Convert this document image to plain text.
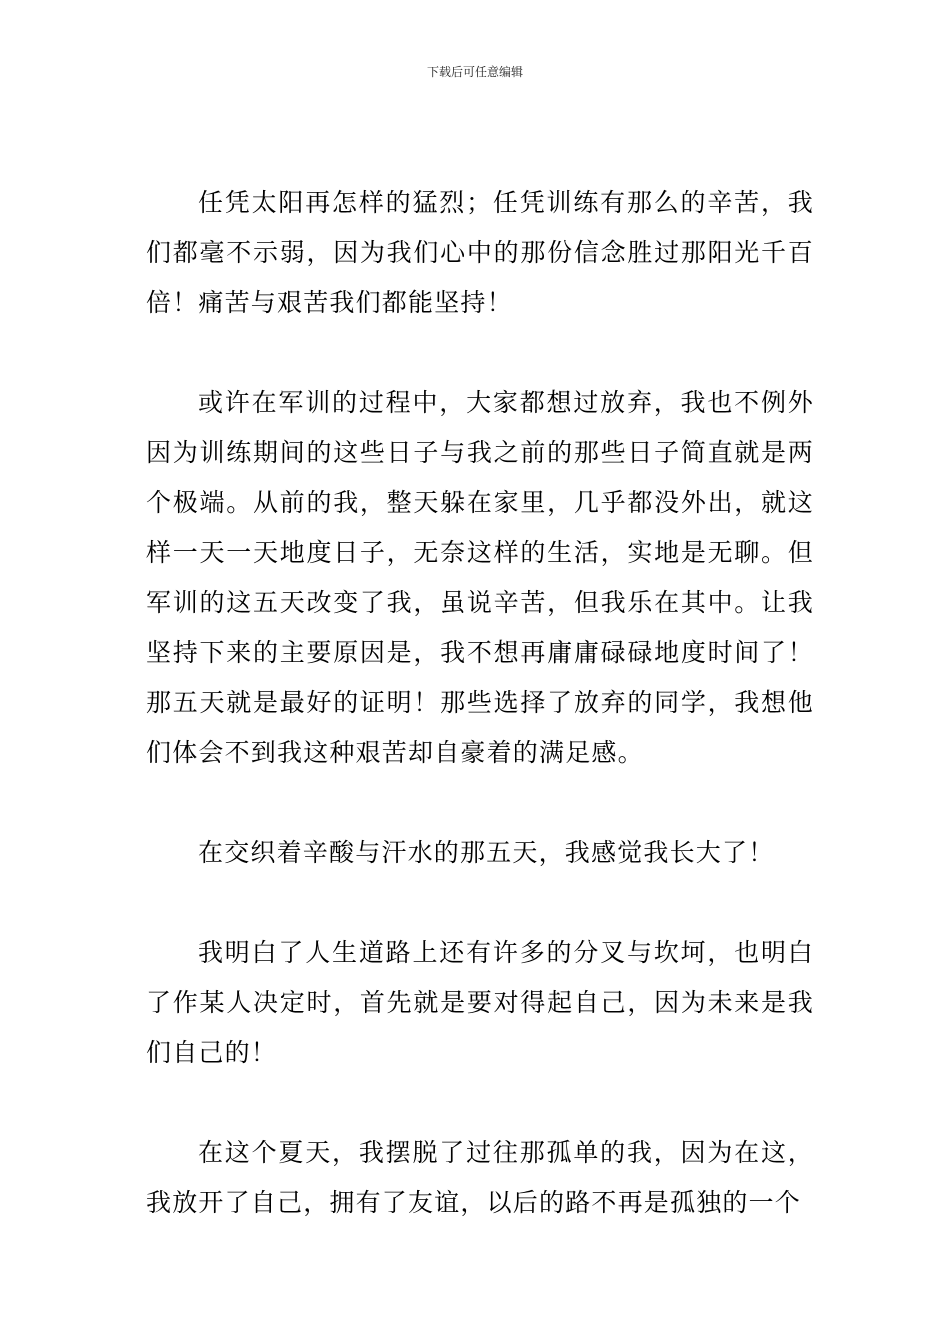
下载后可任意编辑

任凭太阳再怎样的猛烈；任凭训练有那么的辛苦，我们都毫不示弱，因为我们心中的那份信念胜过那阳光千百倍！痛苦与艰苦我们都能坚持！

或许在军训的过程中，大家都想过放弃，我也不例外因为训练期间的这些日子与我之前的那些日子简直就是两个极端。从前的我，整天躲在家里，几乎都没外出，就这样一天一天地度日子，无奈这样的生活，实地是无聊。但军训的这五天改变了我，虽说辛苦，但我乐在其中。让我坚持下来的主要原因是，我不想再庸庸碌碌地度时间了！那五天就是最好的证明！那些选择了放弃的同学，我想他们体会不到我这种艰苦却自豪着的满足感。

在交织着辛酸与汗水的那五天，我感觉我长大了！

我明白了人生道路上还有许多的分叉与坎坷，也明白了作某人决定时，首先就是要对得起自己，因为未来是我们自己的！

在这个夏天，我摆脱了过往那孤单的我，因为在这，我放开了自己，拥有了友谊，以后的路不再是孤独的一个
